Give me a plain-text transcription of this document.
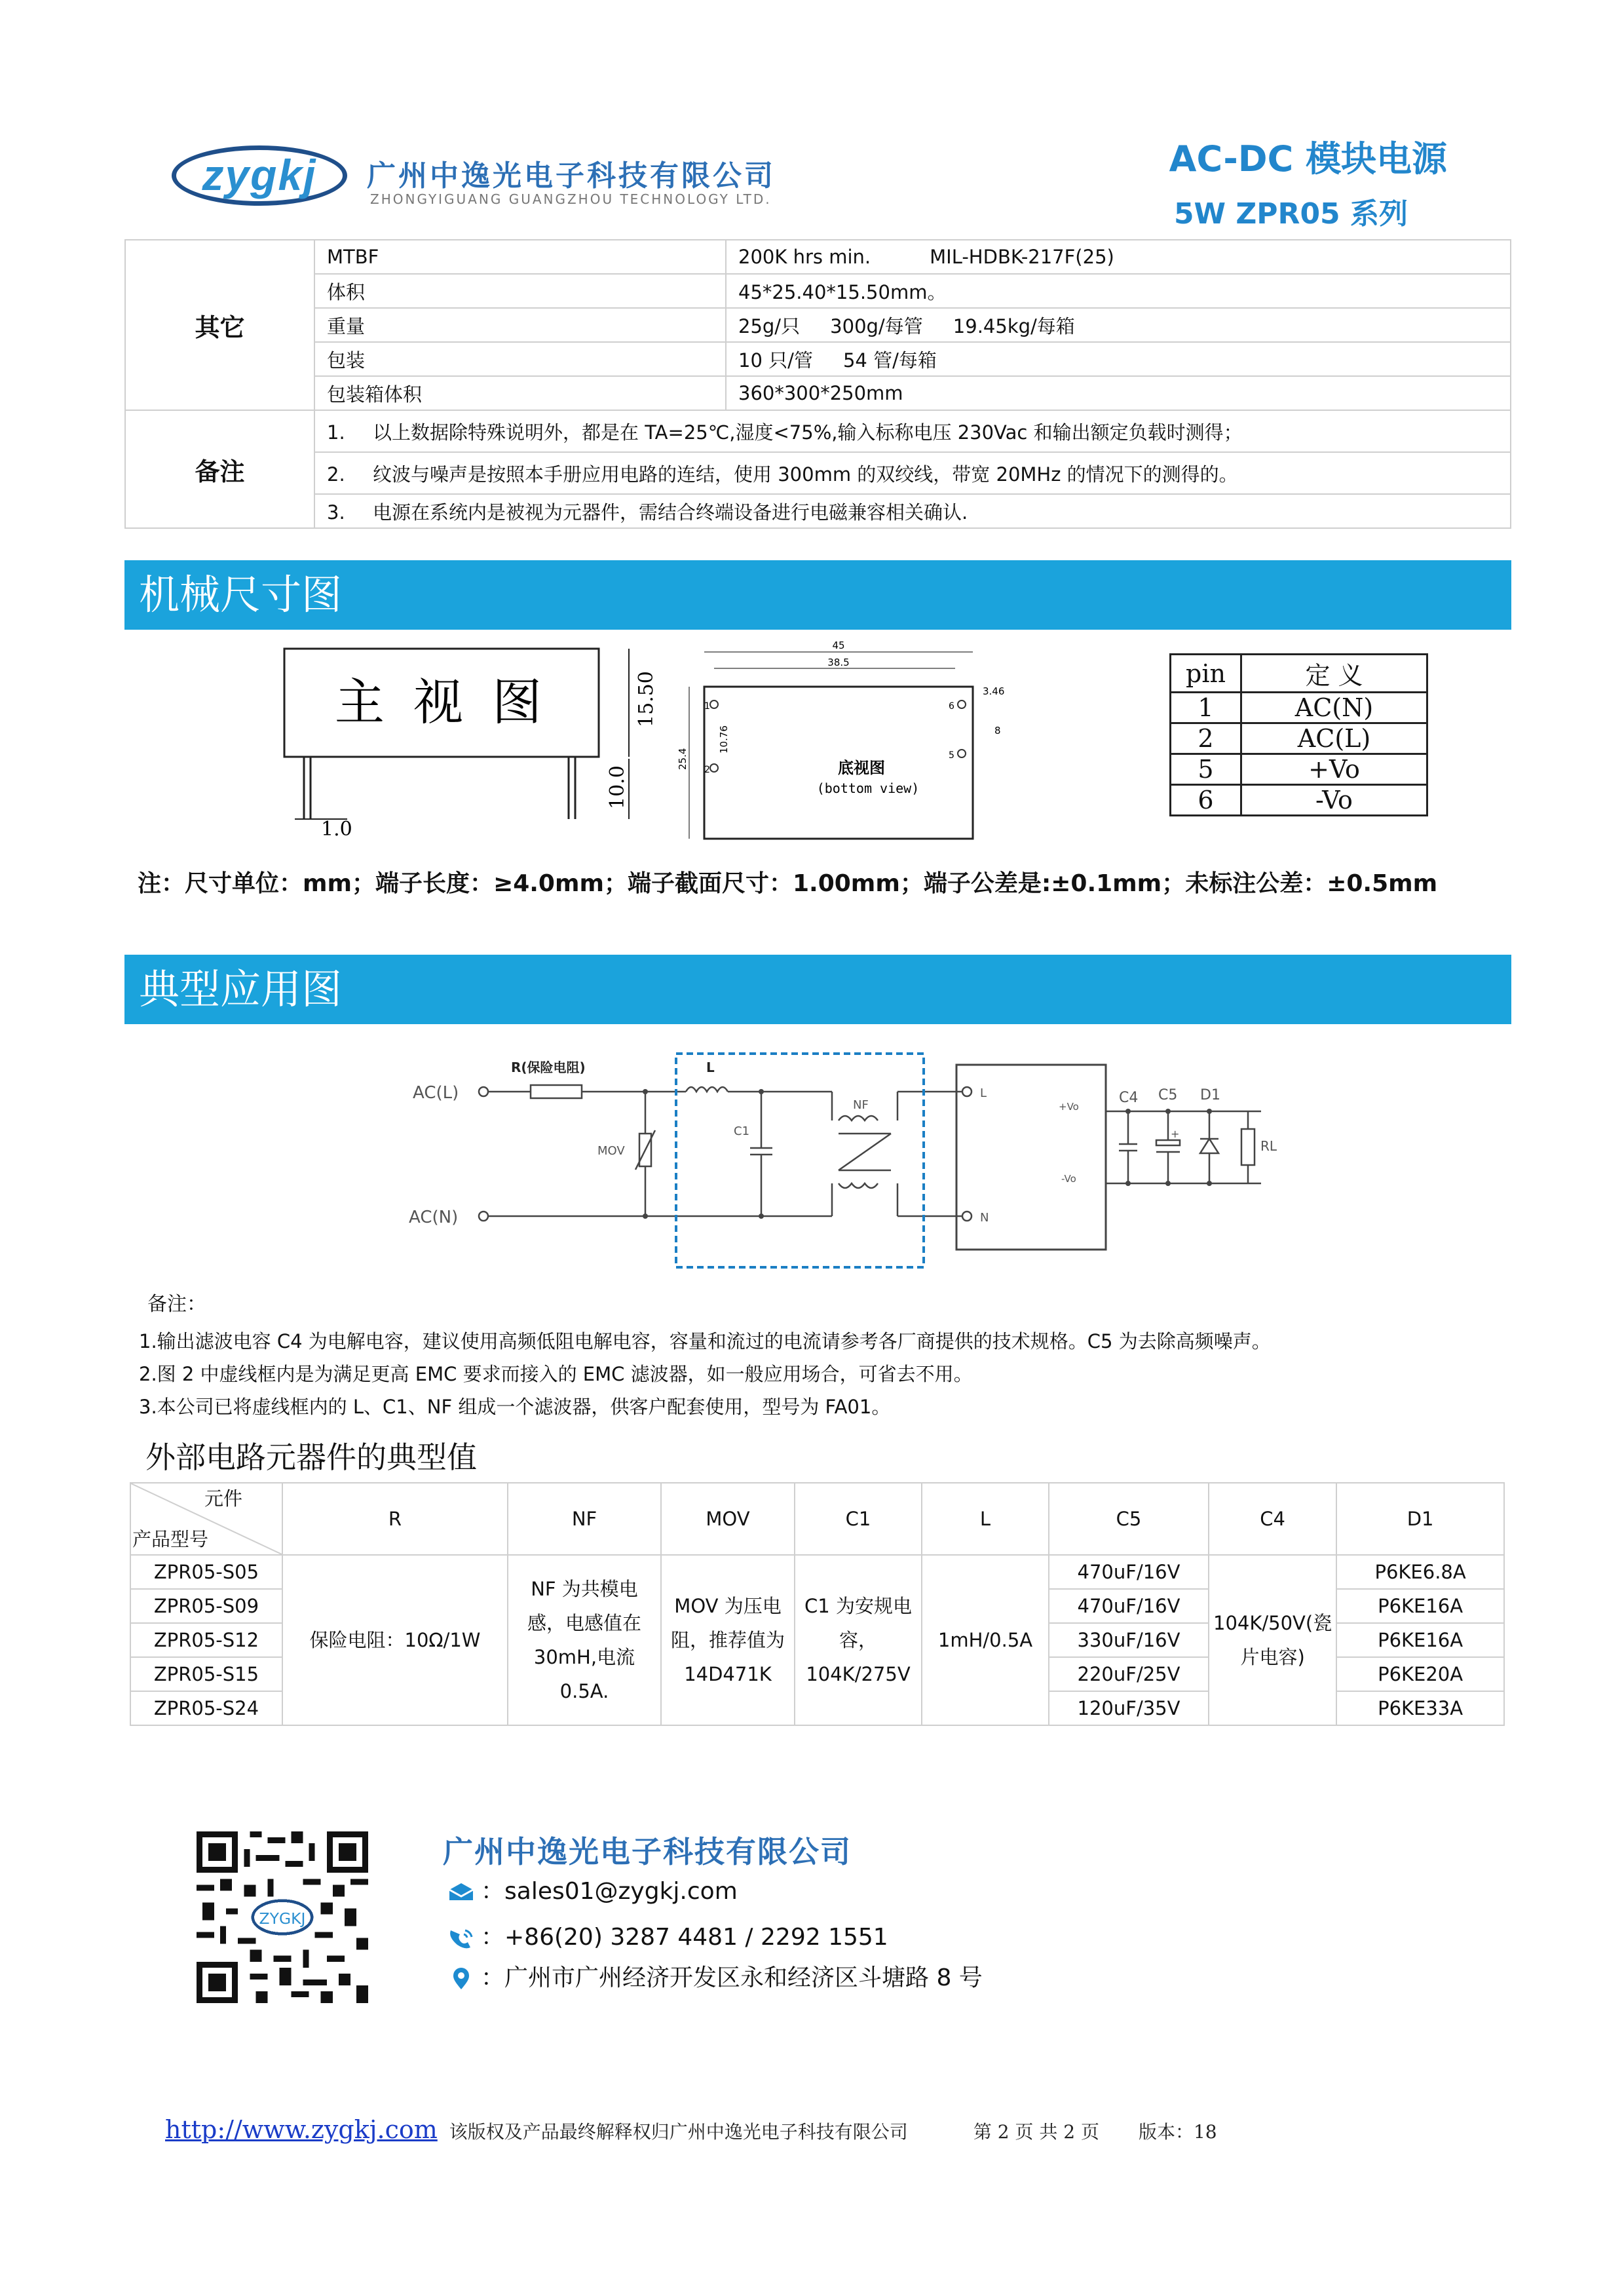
zygkj	广州中逸光电子科技有限公司
ZHONGYIGUANG GUANGZHOU TECHNOLOGY LTD.
AC-DC 模块电源
5W ZPR05 系列
其它	MTBF	200K hrs min. MIL-HDBK-217F(25)
	体积	45*25.40*15.50mm。
	重量	25g/只     300g/每管     19.45kg/每箱
	包装	10 只/管     54 管/每箱
	包装箱体积	360*300*250mm
备注	1. 以上数据除特殊说明外，都是在 TA=25℃,湿度<75%,输入标称电压 230Vac 和输出额定负载时测得；	
	2. 纹波与噪声是按照本手册应用电路的连结，使用 300mm 的双绞线，带宽 20MHz 的情况下的测得的。	
	3. 电源在系统内是被视为元器件，需结合终端设备进行电磁兼容相关确认.	
机械尺寸图
主 视 图
1.0
15.50
10.0
45
38.5
3.46
25.4
10.76	8
1
2
6
5
底视图
(bottom view)
pin	定 义
1	AC(N)
2	AC(L)
5	+Vo
6	-Vo
注：尺寸单位：mm；端子长度：≥4.0mm；端子截面尺寸：1.00mm；端子公差是:±0.1mm；未标注公差：±0.5mm
典型应用图
R(保险电阻)
AC(L)
AC(N)
MOV
L
C1
NF
L
N
+Vo
-Vo
C4 C5 D1
RL
+
备注：
1.输出滤波电容 C4 为电解电容，建议使用高频低阻电解电容，容量和流过的电流请参考各厂商提供的技术规格。C5 为去除高频噪声。
2.图 2 中虚线框内是为满足更高 EMC 要求而接入的 EMC 滤波器，如一般应用场合，可省去不用。
3.本公司已将虚线框内的 L、C1、NF 组成一个滤波器，供客户配套使用，型号为 FA01。
外部电路元器件的典型值
元件
产品型号	R	NF	MOV	C1	L	C5	C4	D1
ZPR05-S05	保险电阻：10Ω/1W	NF 为共模电感，电感值在30mH,电流0.5A.	MOV 为压电阻，推荐值为14D471K	C1 为安规电容，104K/275V	1mH/0.5A	470uF/16V	104K/50V(瓷片电容)	P6KE6.8A
ZPR05-S09						470uF/16V		P6KE16A
ZPR05-S12						330uF/16V		P6KE16A
ZPR05-S15						220uF/25V		P6KE20A
ZPR05-S24						120uF/35V		P6KE33A
ZYGKJ
广州中逸光电子科技有限公司
：sales01@zygkj.com
：+86(20) 3287 4481 / 2292 1551
：广州市广州经济开发区永和经济区斗塘路 8 号
http://www.zygkj.com 该版权及产品最终解释权归广州中逸光电子科技有限公司	第 2 页 共 2 页 版本：18
